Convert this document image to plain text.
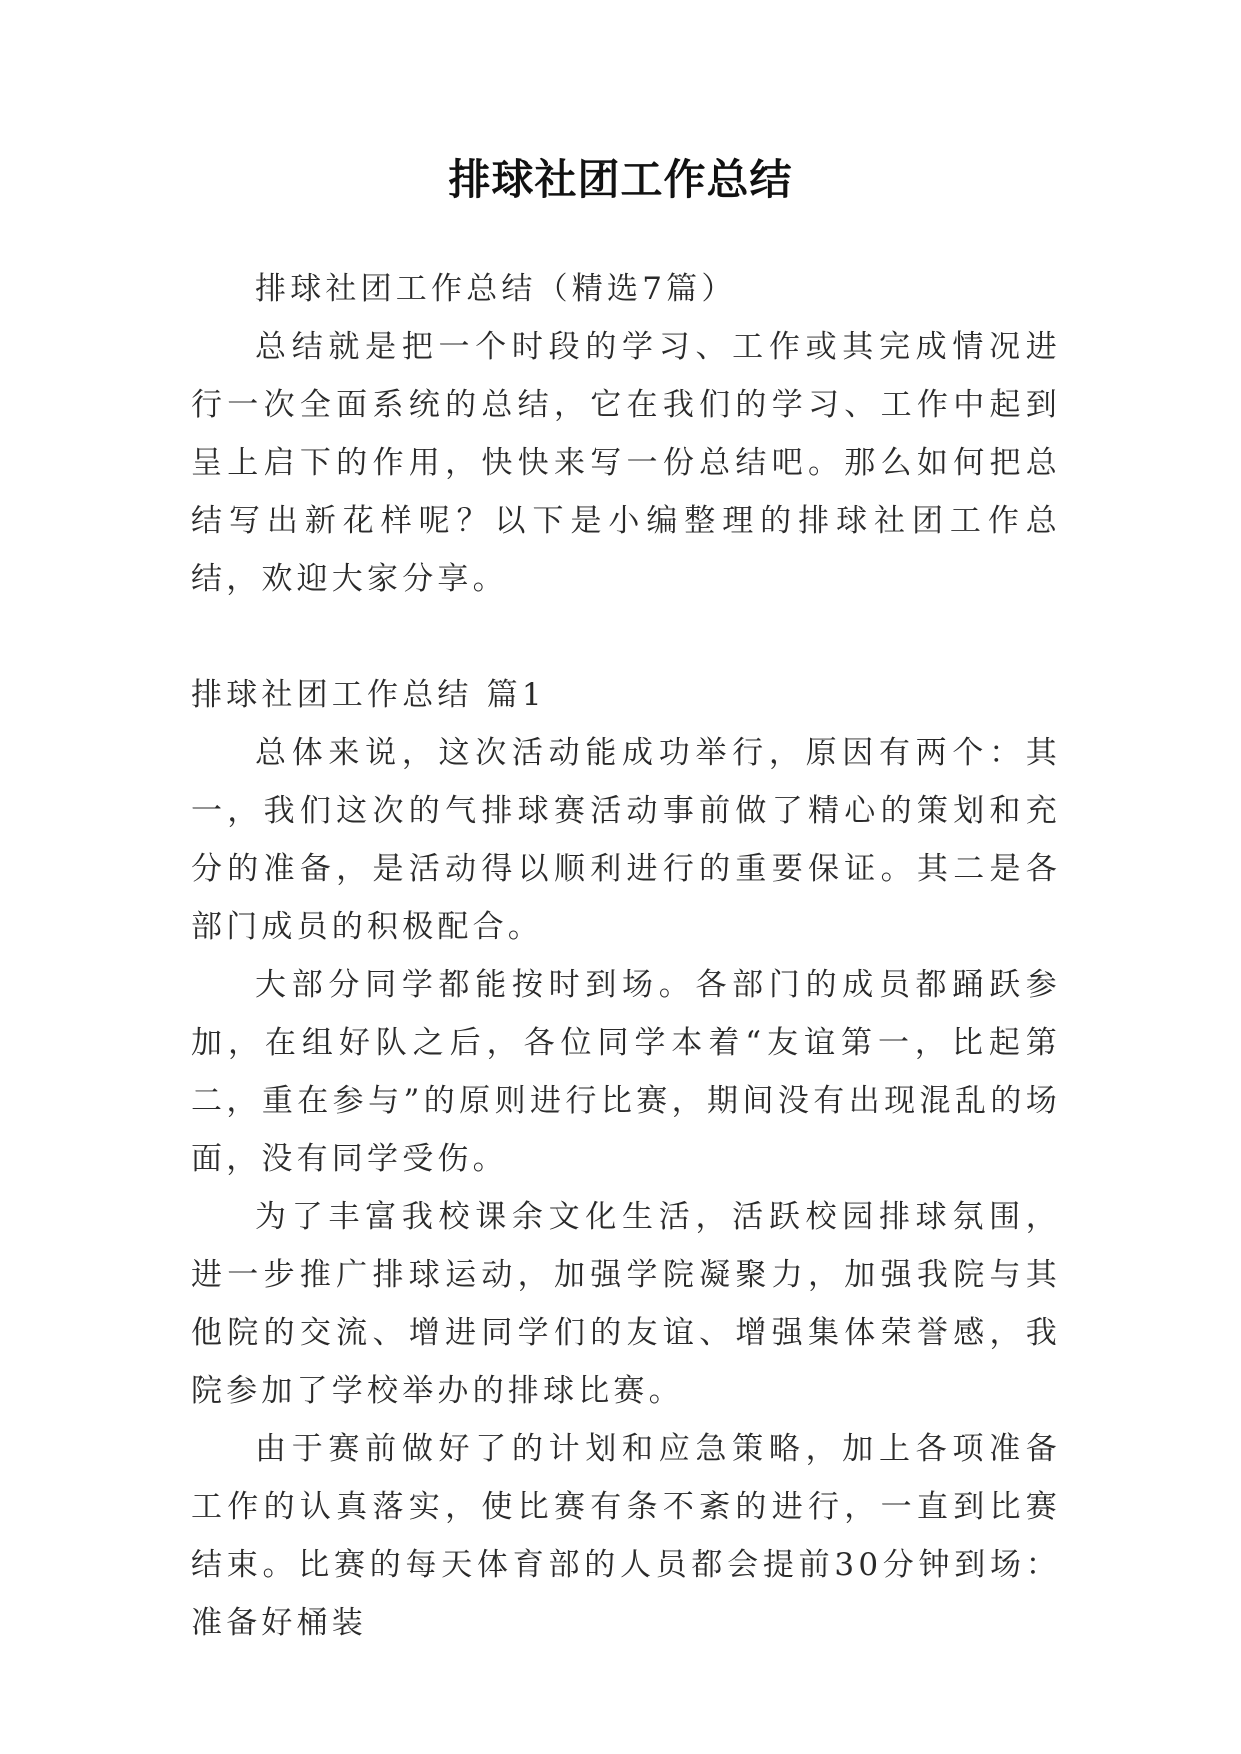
排球社团工作总结

排球社团工作总结（精选7篇）

总结就是把一个时段的学习、工作或其完成情况进行一次全面系统的总结，它在我们的学习、工作中起到呈上启下的作用，快快来写一份总结吧。那么如何把总结写出新花样呢？以下是小编整理的排球社团工作总结，欢迎大家分享。

排球社团工作总结 篇1

总体来说，这次活动能成功举行，原因有两个：其一，我们这次的气排球赛活动事前做了精心的策划和充分的准备，是活动得以顺利进行的重要保证。其二是各部门成员的积极配合。

大部分同学都能按时到场。各部门的成员都踊跃参加，在组好队之后，各位同学本着“友谊第一，比起第二，重在参与”的原则进行比赛，期间没有出现混乱的场面，没有同学受伤。

为了丰富我校课余文化生活，活跃校园排球氛围，进一步推广排球运动，加强学院凝聚力，加强我院与其他院的交流、增进同学们的友谊、增强集体荣誉感，我院参加了学校举办的排球比赛。

由于赛前做好了的计划和应急策略，加上各项准备工作的认真落实，使比赛有条不紊的进行，一直到比赛结束。比赛的每天体育部的人员都会提前30分钟到场：准备好桶装
